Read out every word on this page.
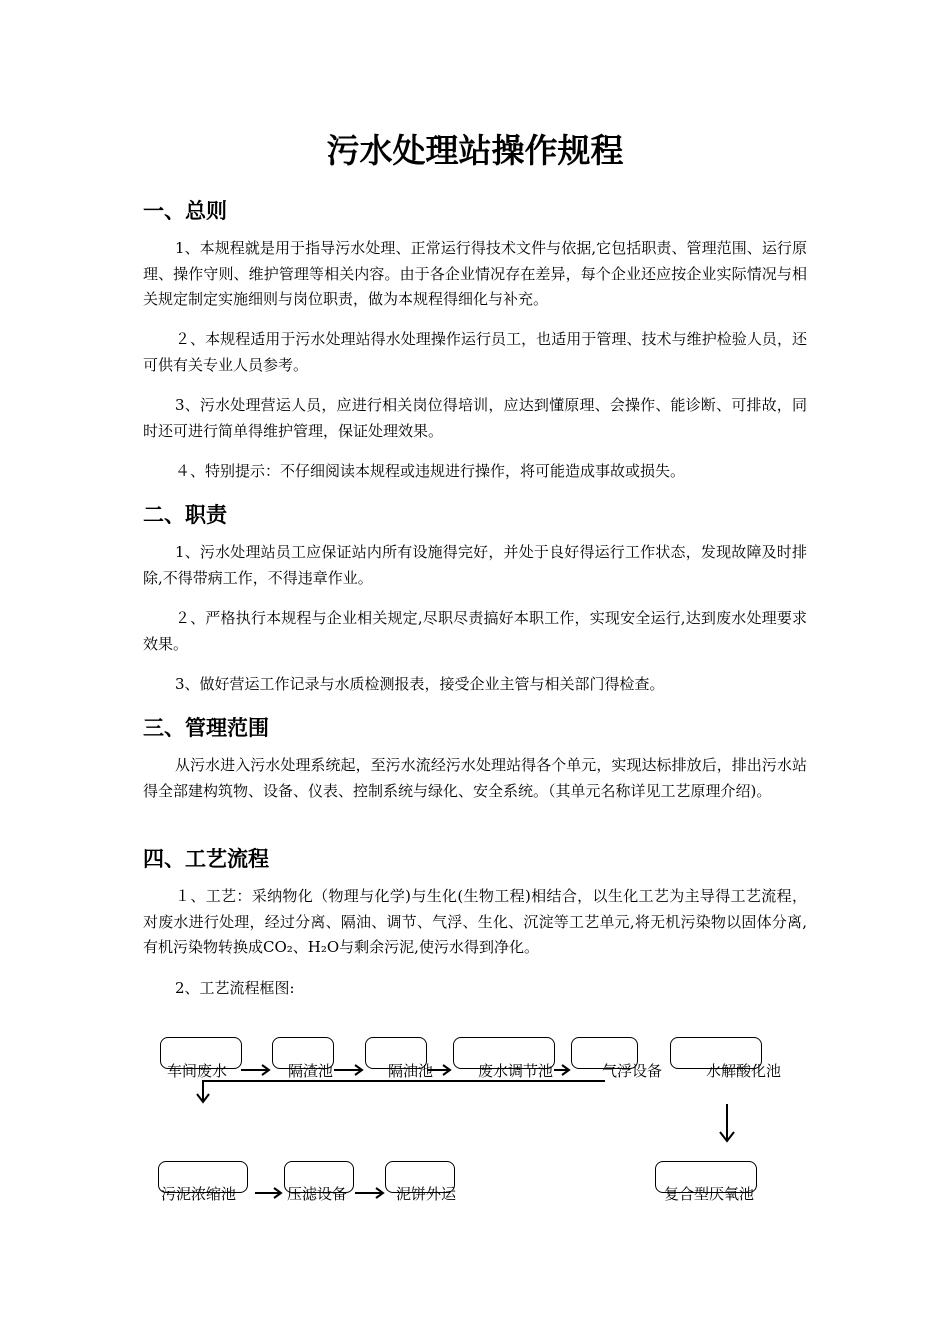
污水处理站操作规程
一、总则
1、本规程就是用于指导污水处理、正常运行得技术文件与依据,它包括职责、管理范围、运行原理、操作守则、维护管理等相关内容。由于各企业情况存在差异，每个企业还应按企业实际情况与相关规定制定实施细则与岗位职责，做为本规程得细化与补充。
２、本规程适用于污水处理站得水处理操作运行员工，也适用于管理、技术与维护检验人员，还可供有关专业人员参考。
3、污水处理营运人员，应进行相关岗位得培训，应达到懂原理、会操作、能诊断、可排故，同时还可进行简单得维护管理，保证处理效果。
４、特别提示：不仔细阅读本规程或违规进行操作，将可能造成事故或损失。
二、职责
1、污水处理站员工应保证站内所有设施得完好，并处于良好得运行工作状态，发现故障及时排除,不得带病工作，不得违章作业。
２、严格执行本规程与企业相关规定,尽职尽责搞好本职工作，实现安全运行,达到废水处理要求效果。
3、做好营运工作记录与水质检测报表，接受企业主管与相关部门得检查。
三、管理范围
从污水进入污水处理系统起，至污水流经污水处理站得各个单元，实现达标排放后，排出污水站得全部建构筑物、设备、仪表、控制系统与绿化、安全系统。（其单元名称详见工艺原理介绍)。
四、工艺流程
１、工艺：采纳物化（物理与化学)与生化(生物工程)相结合，以生化工艺为主导得工艺流程，对废水进行处理，经过分离、隔油、调节、气浮、生化、沉淀等工艺单元,将无机污染物以固体分离,有机污染物转换成CO₂、H₂O与剩余污泥,使污水得到净化。
2、工艺流程框图:
车间废水	隔渣池	隔油池	废水调节池	气浮设备	水解酸化池
复合型厌氧池
污泥浓缩池	压滤设备	泥饼外运
